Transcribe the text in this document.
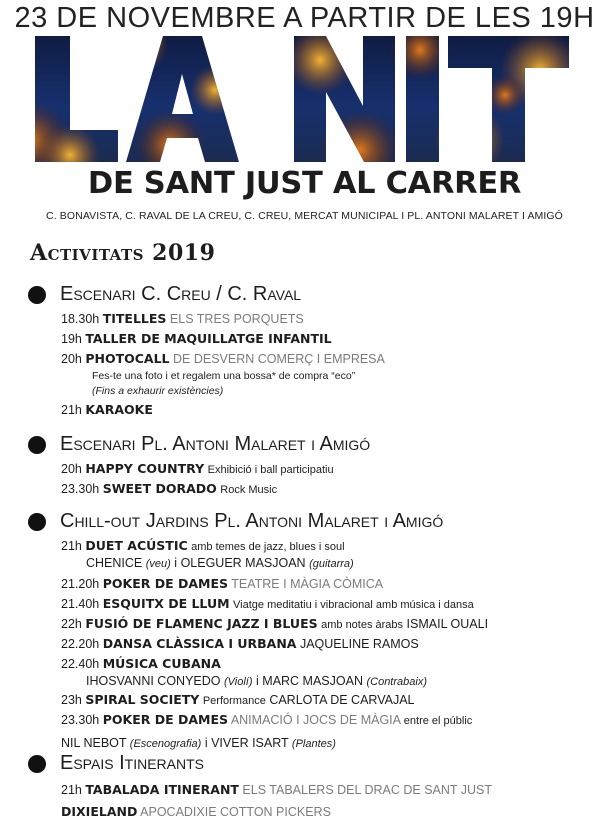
23 DE NOVEMBRE A PARTIR DE LES 19H
DE SANT JUST AL CARRER
C. BONAVISTA, C. RAVAL DE LA CREU, C. CREU, MERCAT MUNICIPAL I PL. ANTONI MALARET I AMIGÓ
Activitats 2019
Escenari C. Creu / C. Raval
18.30h TITELLES ELS TRES PORQUETS
19h TALLER DE MAQUILLATGE INFANTIL
20h PHOTOCALL DE DESVERN COMERÇ I EMPRESA
Fes-te una foto i et regalem una bossa* de compra “eco”
(Fins a exhaurir existències)
21h KARAOKE
Escenari Pl. Antoni Malaret i Amigó
20h HAPPY COUNTRY Exhibició i ball participatiu
23.30h SWEET DORADO Rock Music
Chill-out Jardins Pl. Antoni Malaret i Amigó
21h DUET ACÚSTIC amb temes de jazz, blues i soul
CHENICE (veu) i OLEGUER MASJOAN (guitarra)
21.20h POKER DE DAMES TEATRE I MÀGIA CÒMICA
21.40h ESQUITX DE LLUM Viatge meditatiu i vibracional amb música i dansa
22h FUSIÓ DE FLAMENC JAZZ I BLUES amb notes àrabs ISMAIL OUALI
22.20h DANSA CLÀSSICA I URBANA JAQUELINE RAMOS
22.40h MÚSICA CUBANA
IHOSVANNI CONYEDO (Violí) i MARC MASJOAN (Contrabaix)
23h SPIRAL SOCIETY Performance CARLOTA DE CARVAJAL
23.30h POKER DE DAMES ANIMACIÓ I JOCS DE MÀGIA entre el públic
NIL NEBOT (Escenografia) i VIVER ISART (Plantes)
Espais Itinerants
21h TABALADA ITINERANT ELS TABALERS DEL DRAC DE SANT JUST
DIXIELAND APOCADIXIE COTTON PICKERS
